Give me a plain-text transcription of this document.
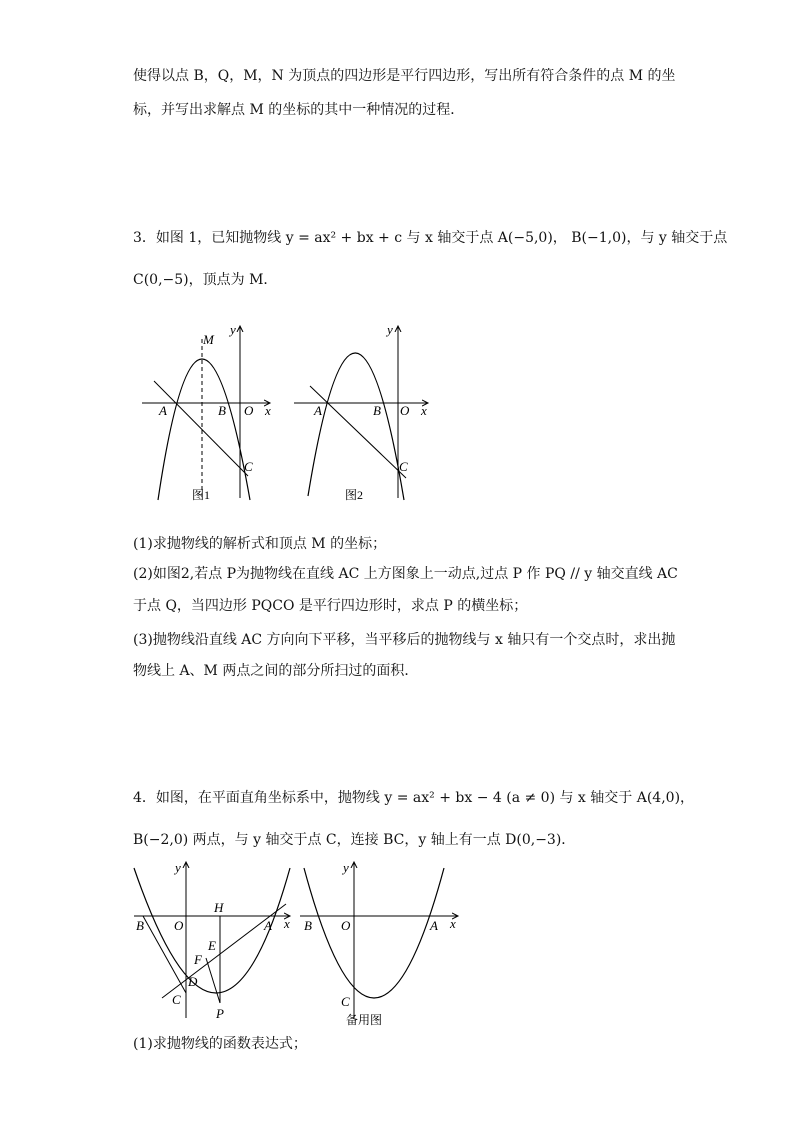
使得以点 B，Q，M，N 为顶点的四边形是平行四边形，写出所有符合条件的点 M 的坐
标，并写出求解点 M 的坐标的其中一种情况的过程．
3．如图 1，已知抛物线 y = ax² + bx + c 与 x 轴交于点 A(−5,0)， B(−1,0)，与 y 轴交于点
C(0,−5)，顶点为 M．
M
A	B O x
y
C
图1
A	B O x
y
C
图2
(1)求抛物线的解析式和顶点 M 的坐标；
(2)如图2,若点 P为抛物线在直线 AC 上方图象上一动点,过点 P 作 PQ // y 轴交直线 AC
于点 Q，当四边形 PQCO 是平行四边形时，求点 P 的横坐标；
(3)抛物线沿直线 AC 方向向下平移，当平移后的抛物线与 x 轴只有一个交点时，求出抛
物线上 A、M 两点之间的部分所扫过的面积．
4．如图，在平面直角坐标系中，抛物线 y = ax² + bx − 4 (a ≠ 0) 与 x 轴交于 A(4,0)，
B(−2,0) 两点，与 y 轴交于点 C，连接 BC，y 轴上有一点 D(0,−3)．
B O
H
A x
y
E
F
D
C
P
B O	A x
y
C
备用图
(1)求抛物线的函数表达式；
